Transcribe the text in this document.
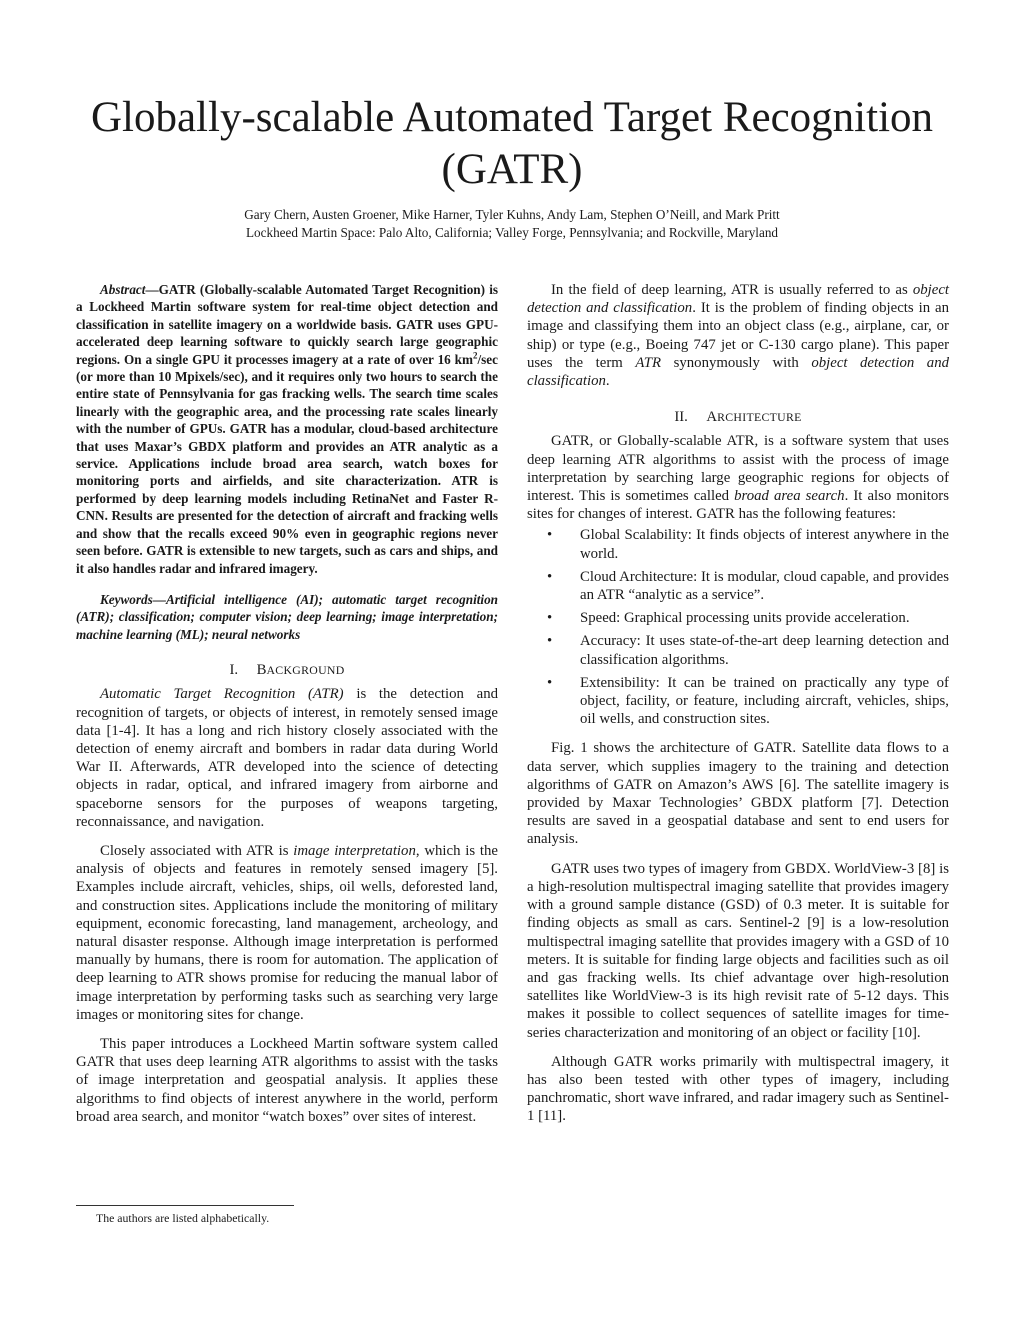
Globally-scalable Automated Target Recognition
(GATR)
Gary Chern, Austen Groener, Mike Harner, Tyler Kuhns, Andy Lam, Stephen O’Neill, and Mark Pritt
Lockheed Martin Space: Palo Alto, California; Valley Forge, Pennsylvania; and Rockville, Maryland

Abstract—GATR (Globally-scalable Automated Target Recognition) is a Lockheed Martin software system for real-time object detection and classification in satellite imagery on a worldwide basis. GATR uses GPU-accelerated deep learning software to quickly search large geographic regions. On a single GPU it processes imagery at a rate of over 16 $km^2/\sec$ (or more than 10 Mpixels/sec), and it requires only two hours to search the entire state of Pennsylvania for gas fracking wells. The search time scales linearly with the geographic area, and the processing rate scales linearly with the number of GPUs. GATR has a modular, cloud-based architecture that uses Maxar’s GBDX platform and provides an ATR analytic as a service. Applications include broad area search, watch boxes for monitoring ports and airfields, and site characterization. ATR is performed by deep learning models including RetinaNet and Faster R-CNN. Results are presented for the detection of aircraft and fracking wells and show that the recalls exceed 90% even in geographic regions never seen before. GATR is extensible to new targets, such as cars and ships, and it also handles radar and infrared imagery.

Keywords—Artificial intelligence (AI); automatic target recognition (ATR); classification; computer vision; deep learning; image interpretation; machine learning (ML); neural networks

I. BACKGROUND

Automatic Target Recognition (ATR) is the detection and recognition of targets, or objects of interest, in remotely sensed image data [1-4]. It has a long and rich history closely associated with the detection of enemy aircraft and bombers in radar data during World War II. Afterwards, ATR developed into the science of detecting objects in radar, optical, and infrared imagery from airborne and spaceborne sensors for the purposes of weapons targeting, reconnaissance, and navigation.

Closely associated with ATR is image interpretation, which is the analysis of objects and features in remotely sensed imagery [5]. Examples include aircraft, vehicles, ships, oil wells, deforested land, and construction sites. Applications include the monitoring of military equipment, economic forecasting, land management, archeology, and natural disaster response. Although image interpretation is performed manually by humans, there is room for automation. The application of deep learning to ATR shows promise for reducing the manual labor of image interpretation by performing tasks such as searching very large images or monitoring sites for change.

This paper introduces a Lockheed Martin software system called GATR that uses deep learning ATR algorithms to assist with the tasks of image interpretation and geospatial analysis. It applies these algorithms to find objects of interest anywhere in the world, perform broad area search, and monitor “watch boxes” over sites of interest.

In the field of deep learning, ATR is usually referred to as object detection and classification. It is the problem of finding objects in an image and classifying them into an object class (e.g., airplane, car, or ship) or type (e.g., Boeing 747 jet or C-130 cargo plane). This paper uses the term ATR synonymously with object detection and classification.

II. ARCHITECTURE

GATR, or Globally-scalable ATR, is a software system that uses deep learning ATR algorithms to assist with the process of image interpretation by searching large geographic regions for objects of interest. This is sometimes called broad area search. It also monitors sites for changes of interest. GATR has the following features:

• Global Scalability: It finds objects of interest anywhere in the world.
• Cloud Architecture: It is modular, cloud capable, and provides an ATR “analytic as a service”.
• Speed: Graphical processing units provide acceleration.
• Accuracy: It uses state-of-the-art deep learning detection and classification algorithms.
• Extensibility: It can be trained on practically any type of object, facility, or feature, including aircraft, vehicles, ships, oil wells, and construction sites.

Fig. 1 shows the architecture of GATR. Satellite data flows to a data server, which supplies imagery to the training and detection algorithms of GATR on Amazon’s AWS [6]. The satellite imagery is provided by Maxar Technologies’ GBDX platform [7]. Detection results are saved in a geospatial database and sent to end users for analysis.

GATR uses two types of imagery from GBDX. WorldView-3 [8] is a high-resolution multispectral imaging satellite that provides imagery with a ground sample distance (GSD) of 0.3 meter. It is suitable for finding objects as small as cars. Sentinel-2 [9] is a low-resolution multispectral imaging satellite that provides imagery with a GSD of 10 meters. It is suitable for finding large objects and facilities such as oil and gas fracking wells. Its chief advantage over high-resolution satellites like WorldView-3 is its high revisit rate of 5-12 days. This makes it possible to collect sequences of satellite images for time-series characterization and monitoring of an object or facility [10].

Although GATR works primarily with multispectral imagery, it has also been tested with other types of imagery, including panchromatic, short wave infrared, and radar imagery such as Sentinel-1 [11].

The authors are listed alphabetically.
